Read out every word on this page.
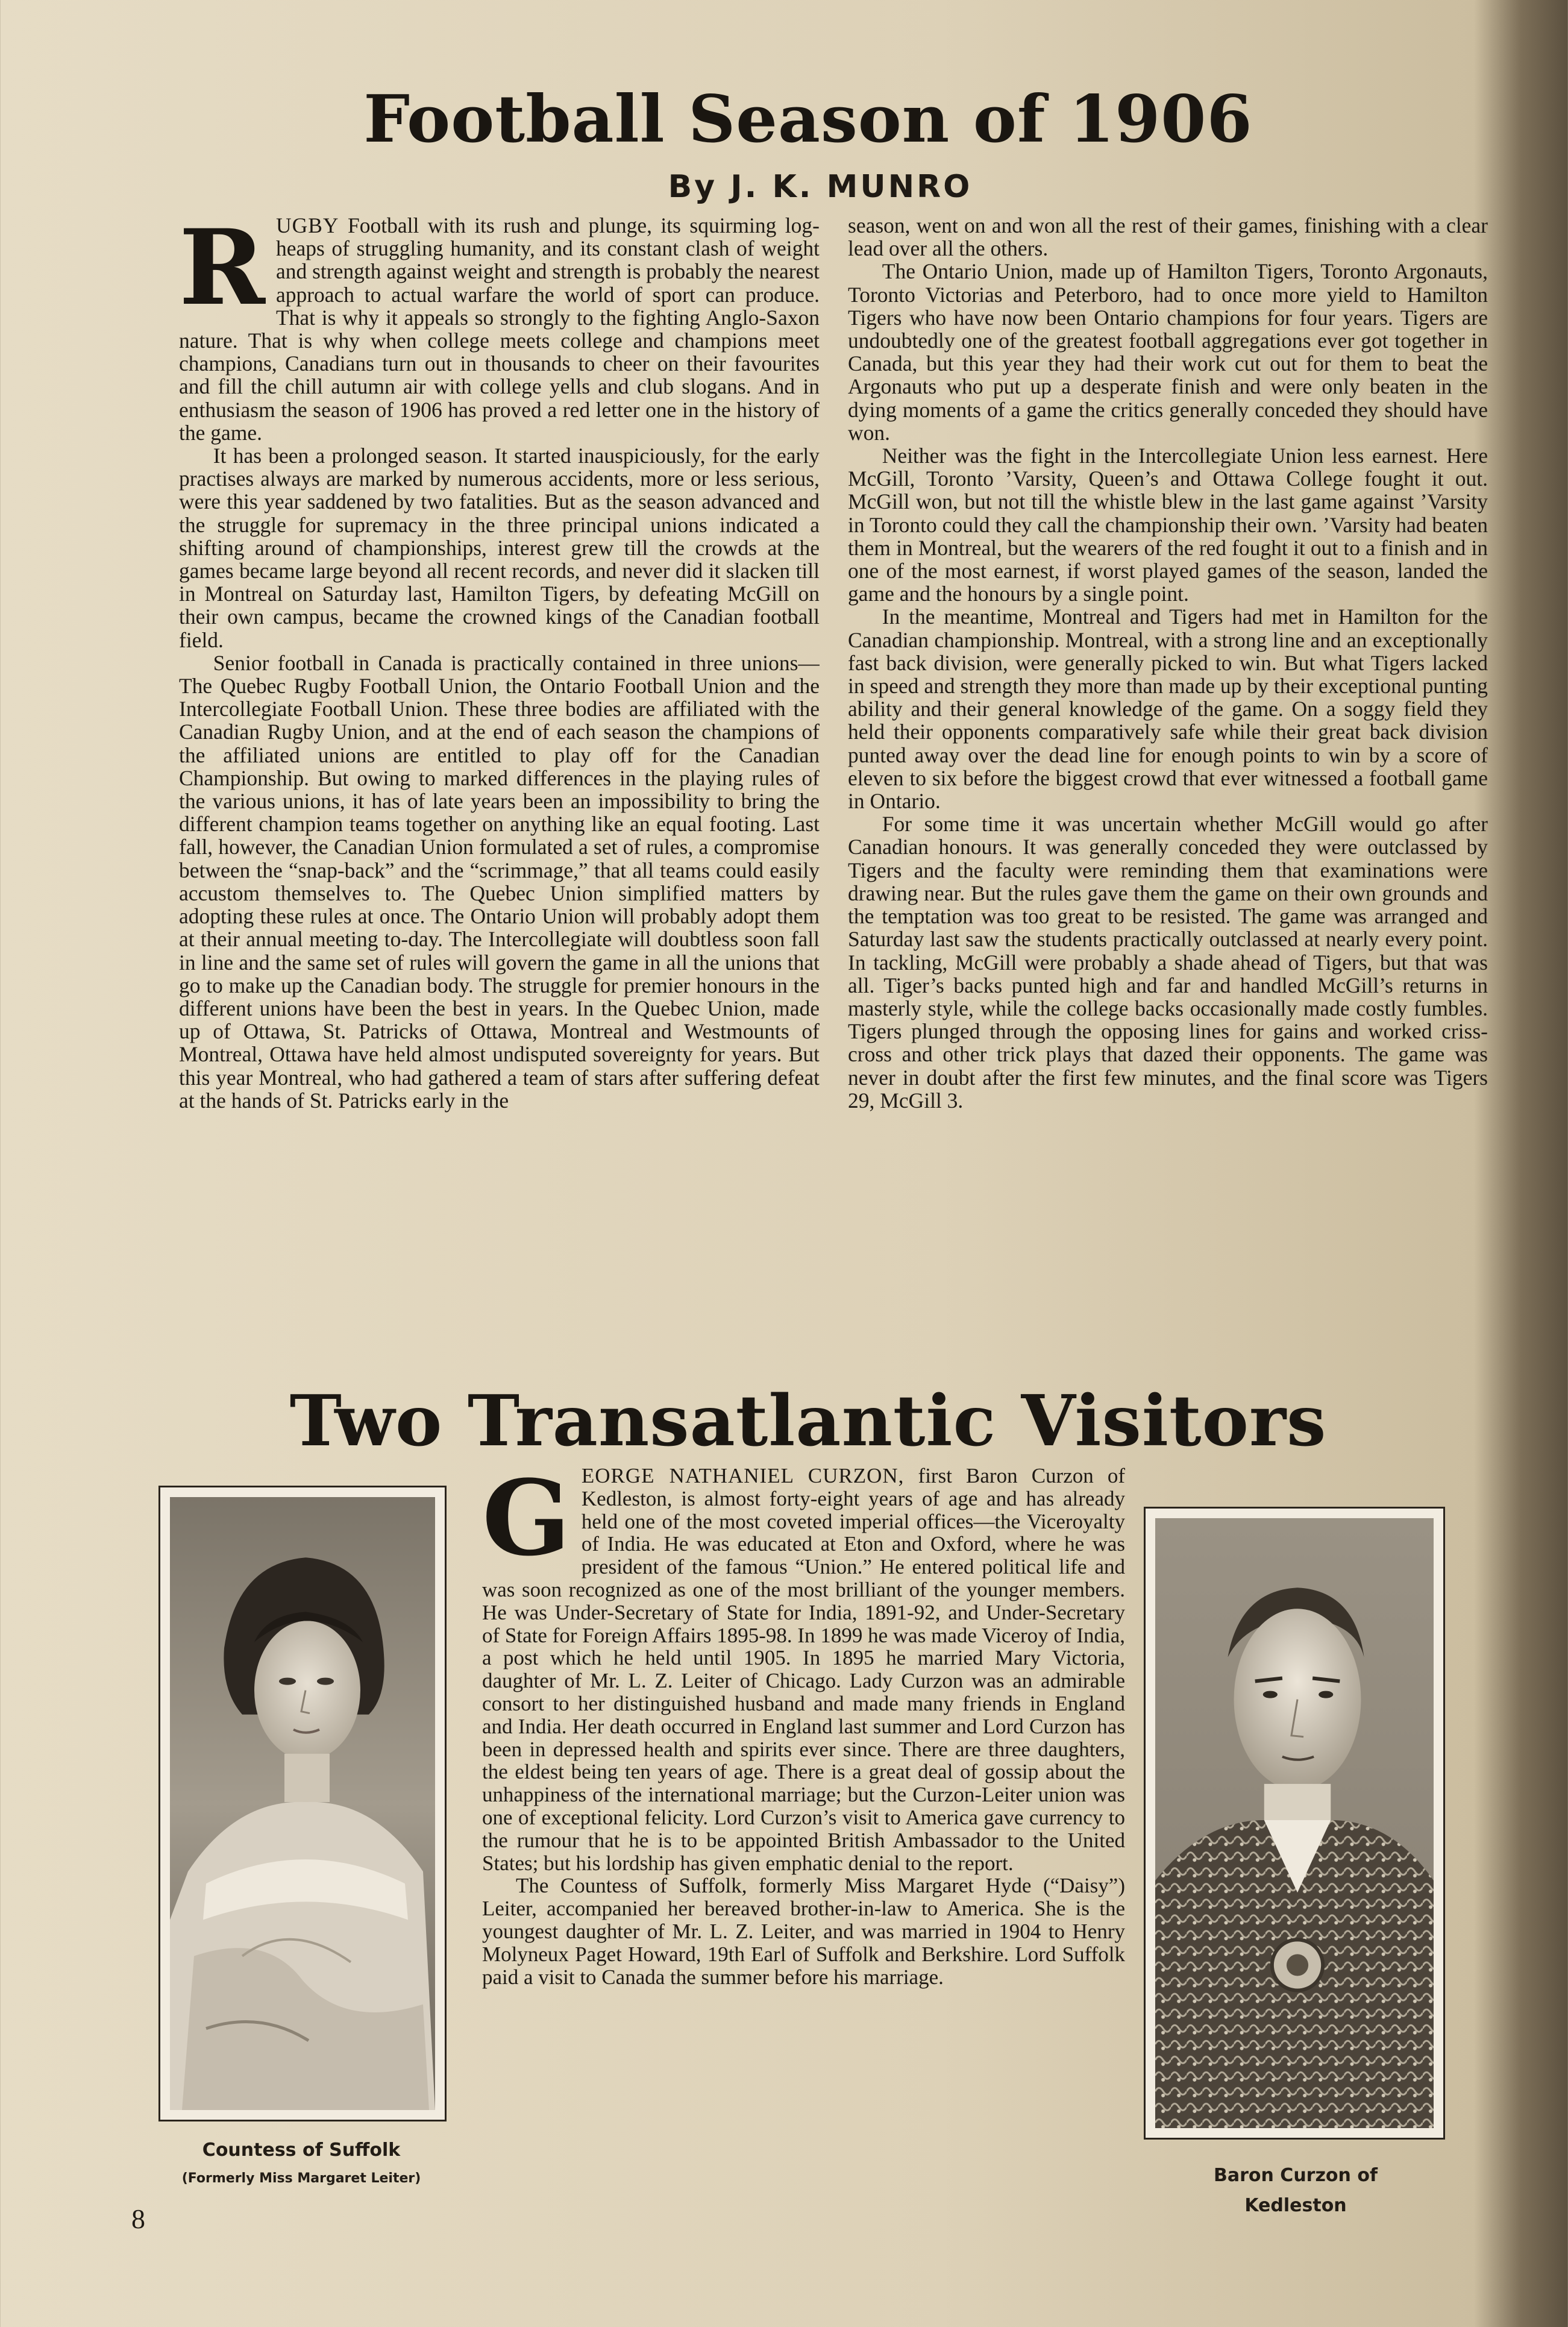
Football Season of 1906
By J. K. MUNRO

RUGBY Football with its rush and plunge, its squirming log-heaps of struggling humanity, and its constant clash of weight and strength against weight and strength is probably the nearest approach to actual warfare the world of sport can produce. That is why it appeals so strongly to the fighting Anglo-Saxon nature. That is why when college meets college and champions meet champions, Canadians turn out in thousands to cheer on their favourites and fill the chill autumn air with college yells and club slogans. And in enthusiasm the season of 1906 has proved a red letter one in the history of the game.

It has been a prolonged season. It started inauspiciously, for the early practises always are marked by numerous accidents, more or less serious, were this year saddened by two fatalities. But as the season advanced and the struggle for supremacy in the three principal unions indicated a shifting around of championships, interest grew till the crowds at the games became large beyond all recent records, and never did it slacken till in Montreal on Saturday last, Hamilton Tigers, by defeating McGill on their own campus, became the crowned kings of the Canadian football field.

Senior football in Canada is practically contained in three unions—The Quebec Rugby Football Union, the Ontario Football Union and the Intercollegiate Football Union. These three bodies are affiliated with the Canadian Rugby Union, and at the end of each season the champions of the affiliated unions are entitled to play off for the Canadian Championship. But owing to marked differences in the playing rules of the various unions, it has of late years been an impossibility to bring the different champion teams together on anything like an equal footing. Last fall, however, the Canadian Union formulated a set of rules, a compromise between the “snap-back” and the “scrimmage,” that all teams could easily accustom themselves to. The Quebec Union simplified matters by adopting these rules at once. The Ontario Union will probably adopt them at their annual meeting to-day. The Intercollegiate will doubtless soon fall in line and the same set of rules will govern the game in all the unions that go to make up the Canadian body. The struggle for premier honours in the different unions have been the best in years. In the Quebec Union, made up of Ottawa, St. Patricks of Ottawa, Montreal and Westmounts of Montreal, Ottawa have held almost undisputed sovereignty for years. But this year Montreal, who had gathered a team of stars after suffering defeat at the hands of St. Patricks early in the

season, went on and won all the rest of their games, finishing with a clear lead over all the others.

The Ontario Union, made up of Hamilton Tigers, Toronto Argonauts, Toronto Victorias and Peterboro, had to once more yield to Hamilton Tigers who have now been Ontario champions for four years. Tigers are undoubtedly one of the greatest football aggregations ever got together in Canada, but this year they had their work cut out for them to beat the Argonauts who put up a desperate finish and were only beaten in the dying moments of a game the critics generally conceded they should have won.

Neither was the fight in the Intercollegiate Union less earnest. Here McGill, Toronto ’Varsity, Queen’s and Ottawa College fought it out. McGill won, but not till the whistle blew in the last game against ’Varsity in Toronto could they call the championship their own. ’Varsity had beaten them in Montreal, but the wearers of the red fought it out to a finish and in one of the most earnest, if worst played games of the season, landed the game and the honours by a single point.

In the meantime, Montreal and Tigers had met in Hamilton for the Canadian championship. Montreal, with a strong line and an exceptionally fast back division, were generally picked to win. But what Tigers lacked in speed and strength they more than made up by their exceptional punting ability and their general knowledge of the game. On a soggy field they held their opponents comparatively safe while their great back division punted away over the dead line for enough points to win by a score of eleven to six before the biggest crowd that ever witnessed a football game in Ontario.

For some time it was uncertain whether McGill would go after Canadian honours. It was generally conceded they were outclassed by Tigers and the faculty were reminding them that examinations were drawing near. But the rules gave them the game on their own grounds and the temptation was too great to be resisted. The game was arranged and Saturday last saw the students practically outclassed at nearly every point. In tackling, McGill were probably a shade ahead of Tigers, but that was all. Tiger’s backs punted high and far and handled McGill’s returns in masterly style, while the college backs occasionally made costly fumbles. Tigers plunged through the opposing lines for gains and worked criss-cross and other trick plays that dazed their opponents. The game was never in doubt after the first few minutes, and the final score was Tigers 29, McGill 3.

Two Transatlantic Visitors
Countess of Suffolk
(Formerly Miss Margaret Leiter)

GEORGE NATHANIEL CURZON, first Baron Curzon of Kedleston, is almost forty-eight years of age and has already held one of the most coveted imperial offices—the Viceroyalty of India. He was educated at Eton and Oxford, where he was president of the famous “Union.” He entered political life and was soon recognized as one of the most brilliant of the younger members. He was Under-Secretary of State for India, 1891-92, and Under-Secretary of State for Foreign Affairs 1895-98. In 1899 he was made Viceroy of India, a post which he held until 1905. In 1895 he married Mary Victoria, daughter of Mr. L. Z. Leiter of Chicago. Lady Curzon was an admirable consort to her distinguished husband and made many friends in England and India. Her death occurred in England last summer and Lord Curzon has been in depressed health and spirits ever since. There are three daughters, the eldest being ten years of age. There is a great deal of gossip about the unhappiness of the international marriage; but the Curzon-Leiter union was one of exceptional felicity. Lord Curzon’s visit to America gave currency to the rumour that he is to be appointed British Ambassador to the United States; but his lordship has given emphatic denial to the report.

The Countess of Suffolk, formerly Miss Margaret Hyde (“Daisy”) Leiter, accompanied her bereaved brother-in-law to America. She is the youngest daughter of Mr. L. Z. Leiter, and was married in 1904 to Henry Molyneux Paget Howard, 19th Earl of Suffolk and Berkshire. Lord Suffolk paid a visit to Canada the summer before his marriage.

Baron Curzon of
Kedleston
8
